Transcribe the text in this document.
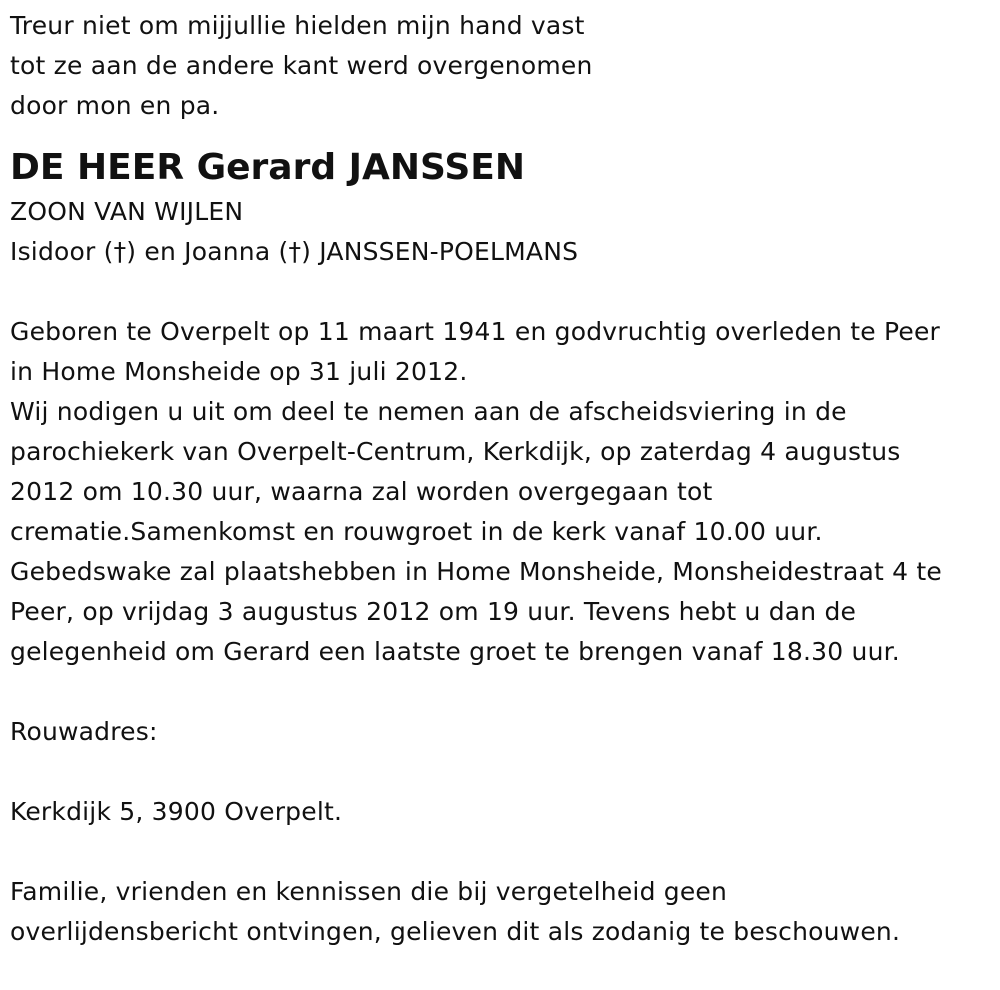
Treur niet om mijjullie hielden mijn hand vast
tot ze aan de andere kant werd overgenomen
door mon en pa.
DE HEER Gerard JANSSEN
ZOON VAN WIJLEN
Isidoor (†) en Joanna (†) JANSSEN-POELMANS
Geboren te Overpelt op 11 maart 1941 en godvruchtig overleden te Peer
in Home Monsheide op 31 juli 2012.
Wij nodigen u uit om deel te nemen aan de afscheidsviering in de
parochiekerk van Overpelt-Centrum, Kerkdijk, op zaterdag 4 augustus
2012 om 10.30 uur, waarna zal worden overgegaan tot
crematie.Samenkomst en rouwgroet in de kerk vanaf 10.00 uur.
Gebedswake zal plaatshebben in Home Monsheide, Monsheidestraat 4 te
Peer, op vrijdag 3 augustus 2012 om 19 uur. Tevens hebt u dan de
gelegenheid om Gerard een laatste groet te brengen vanaf 18.30 uur.
Rouwadres:
Kerkdijk 5, 3900 Overpelt.
Familie, vrienden en kennissen die bij vergetelheid geen
overlijdensbericht ontvingen, gelieven dit als zodanig te beschouwen.
